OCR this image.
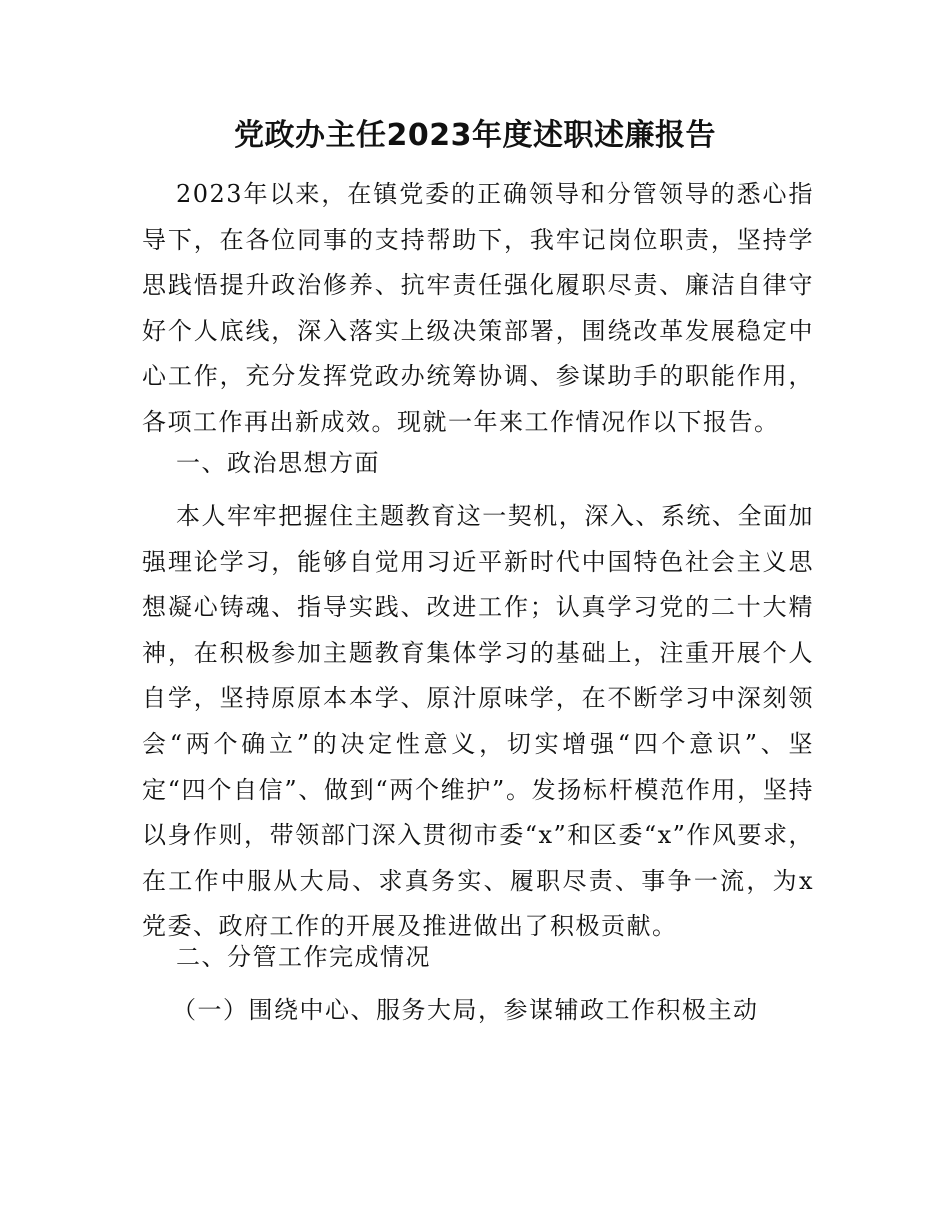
党政办主任2023年度述职述廉报告

2023年以来，在镇党委的正确领导和分管领导的悉心指导下，在各位同事的支持帮助下，我牢记岗位职责，坚持学思践悟提升政治修养、抗牢责任强化履职尽责、廉洁自律守好个人底线，深入落实上级决策部署，围绕改革发展稳定中心工作，充分发挥党政办统筹协调、参谋助手的职能作用，各项工作再出新成效。现就一年来工作情况作以下报告。

一、政治思想方面

本人牢牢把握住主题教育这一契机，深入、系统、全面加强理论学习，能够自觉用习近平新时代中国特色社会主义思想凝心铸魂、指导实践、改进工作；认真学习党的二十大精神，在积极参加主题教育集体学习的基础上，注重开展个人自学，坚持原原本本学、原汁原味学，在不断学习中深刻领会“两个确立”的决定性意义，切实增强“四个意识”、坚定“四个自信”、做到“两个维护”。发扬标杆模范作用，坚持以身作则，带领部门深入贯彻市委“x”和区委“x”作风要求，在工作中服从大局、求真务实、履职尽责、事争一流，为x党委、政府工作的开展及推进做出了积极贡献。

二、分管工作完成情况

（一）围绕中心、服务大局，参谋辅政工作积极主动
